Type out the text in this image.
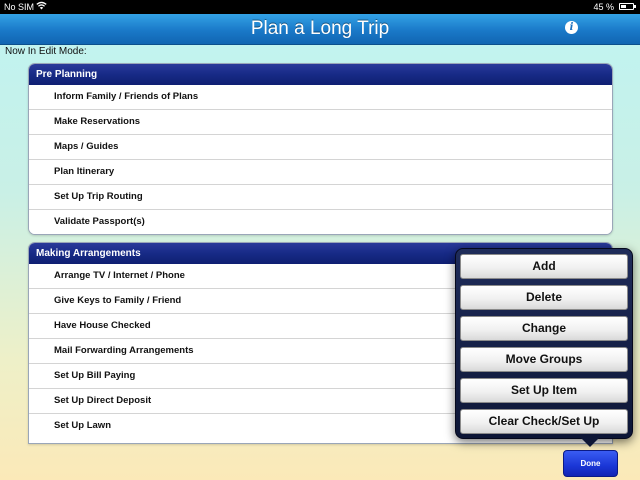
No SIM	45 %
Plan a Long Trip	i
Now In Edit Mode:
Pre Planning
Inform Family / Friends of Plans
Make Reservations
Maps / Guides
Plan Itinerary
Set Up Trip Routing
Validate Passport(s)
Making Arrangements
Arrange TV / Internet / Phone
Give Keys to Family / Friend
Have House Checked
Mail Forwarding Arrangements
Set Up Bill Paying
Set Up Direct Deposit
Set Up Lawn
Add
Delete
Change
Move Groups
Set Up Item
Clear Check/Set Up
Done
